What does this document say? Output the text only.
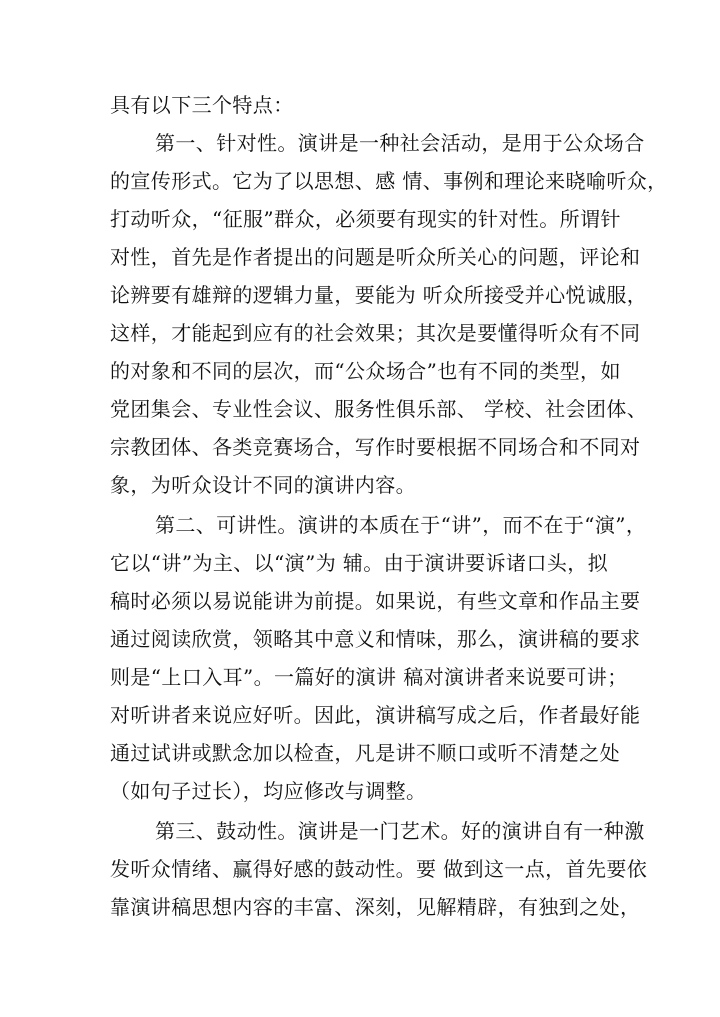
具有以下三个特点：
第一、针对性。演讲是一种社会活动，是用于公众场合
的宣传形式。它为了以思想、感 情、事例和理论来晓喻听众，
打动听众，“征服”群众，必须要有现实的针对性。所谓针
对性，首先是作者提出的问题是听众所关心的问题，评论和
论辨要有雄辩的逻辑力量，要能为 听众所接受并心悦诚服，
这样，才能起到应有的社会效果；其次是要懂得听众有不同
的对象和不同的层次，而“公众场合”也有不同的类型，如
党团集会、专业性会议、服务性俱乐部、 学校、社会团体、
宗教团体、各类竞赛场合，写作时要根据不同场合和不同对
象，为听众设计不同的演讲内容。
第二、可讲性。演讲的本质在于“讲”，而不在于“演”，
它以“讲”为主、以“演”为 辅。由于演讲要诉诸口头，拟
稿时必须以易说能讲为前提。如果说，有些文章和作品主要
通过阅读欣赏，领略其中意义和情味，那么，演讲稿的要求
则是“上口入耳”。一篇好的演讲 稿对演讲者来说要可讲；
对听讲者来说应好听。因此，演讲稿写成之后，作者最好能
通过试讲或默念加以检查，凡是讲不顺口或听不清楚之处
（如句子过长），均应修改与调整。
第三、鼓动性。演讲是一门艺术。好的演讲自有一种激
发听众情绪、赢得好感的鼓动性。要 做到这一点，首先要依
靠演讲稿思想内容的丰富、深刻，见解精辟，有独到之处，
